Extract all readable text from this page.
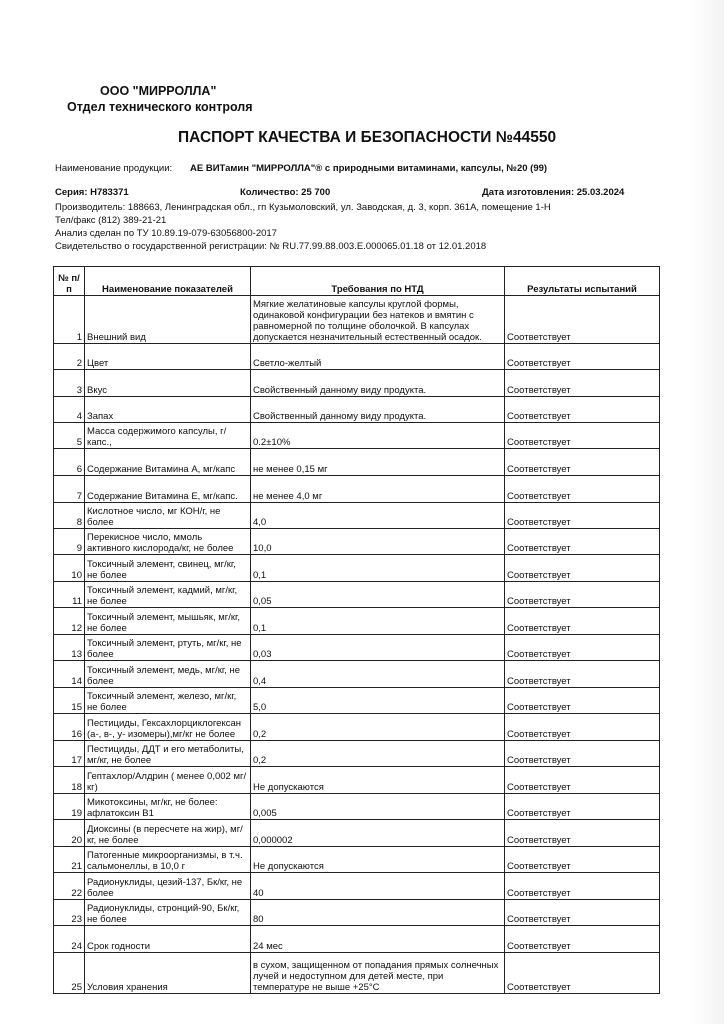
ООО "МИРРОЛЛА"
Отдел технического контроля
ПАСПОРТ КАЧЕСТВА И БЕЗОПАСНОСТИ №44550
Наименование продукции: АЕ ВИТамин "МИРРОЛЛА"® с природными витаминами, капсулы, №20 (99)
Серия: Н783371	Количество: 25 700	Дата изготовления: 25.03.2024
Производитель: 188663, Ленинградская обл., гп Кузьмоловский, ул. Заводская, д. 3, корп. 361А, помещение 1-Н
Тел/факс (812) 389-21-21
Анализ сделан по ТУ 10.89.19-079-63056800-2017
Свидетельство о государственной регистрации: № RU.77.99.88.003.Е.000065.01.18 от 12.01.2018
№ п/п	Наименование показателей	Требования по НТД	Результаты испытаний
1	Внешний вид	Мягкие желатиновые капсулы круглой формы, одинаковой конфигурации без натеков и вмятин с равномерной по толщине оболочкой. В капсулах допускается незначительный естественный осадок.	Соответствует
2	Цвет	Светло-желтый	Соответствует
3	Вкус	Свойственный данному виду продукта.	Соответствует
4	Запах	Свойственный данному виду продукта.	Соответствует
5	Масса содержимого капсулы, г/капс.,	0.2±10%	Соответствует
6	Содержание Витамина А, мг/капс	не менее 0,15 мг	Соответствует
7	Содержание Витамина Е, мг/капс.	не менее 4,0 мг	Соответствует
8	Кислотное число, мг КОН/г, не более	4,0	Соответствует
9	Перекисное число, ммоль активного кислорода/кг, не более	10,0	Соответствует
10	Токсичный элемент, свинец, мг/кг, не более	0,1	Соответствует
11	Токсичный элемент, кадмий, мг/кг, не более	0,05	Соответствует
12	Токсичный элемент, мышьяк, мг/кг, не более	0,1	Соответствует
13	Токсичный элемент, ртуть, мг/кг, не более	0,03	Соответствует
14	Токсичный элемент, медь, мг/кг, не более	0,4	Соответствует
15	Токсичный элемент, железо, мг/кг, не более	5,0	Соответствует
16	Пестициды, Гексахлорциклогексан (а-, в-, у- изомеры),мг/кг не более	0,2	Соответствует
17	Пестициды, ДДТ и его метаболиты, мг/кг, не более	0,2	Соответствует
18	Гептахлор/Алдрин ( менее 0,002 мг/кг)	Не допускаются	Соответствует
19	Микотоксины, мг/кг, не более: афлатоксин В1	0,005	Соответствует
20	Диоксины (в пересчете на жир), мг/кг, не более	0,000002	Соответствует
21	Патогенные микроорганизмы, в т.ч. сальмонеллы, в 10,0 г	Не допускаются	Соответствует
22	Радионуклиды, цезий-137, Бк/кг, не более	40	Соответствует
23	Радионуклиды, стронций-90, Бк/кг, не более	80	Соответствует
24	Срок годности	24 мес	Соответствует
25	Условия хранения	в сухом, защищенном от попадания прямых солнечных лучей и недоступном для детей месте, при температуре не выше +25°С	Соответствует
